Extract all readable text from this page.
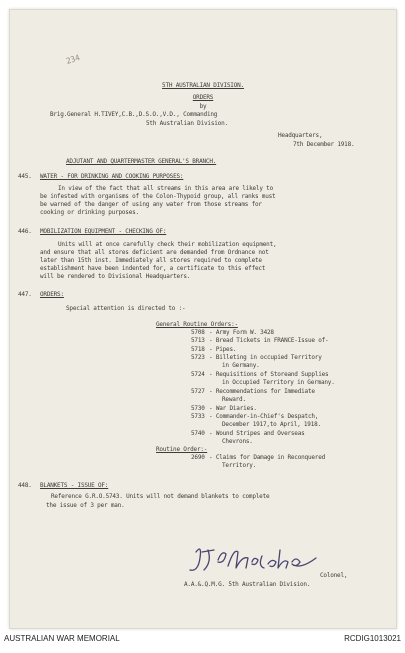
234
5TH AUSTRALIAN DIVISION.
ORDERS
by
Brig.General H.TIVEY,C.B.,D.S.O.,V.D., Commanding
5th Australian Division.
Headquarters,
7th December 1918.
ADJUTANT AND QUARTERMASTER GENERAL'S BRANCH.
445. WATER - FOR DRINKING AND COOKING PURPOSES:
In view of the fact that all streams in this area are likely to
be infested with organisms of the Colon-Thypoid group, all ranks must
be warned of the danger of using any water from those streams for
cooking or drinking purposes.
446. MOBILIZATION EQUIPMENT - CHECKING OF:
Units will at once carefully check their mobilization equipment,
and ensure that all stores deficient are demanded from Ordnance not
later than 15th inst. Immediately all stores required to complete
establishment have been indented for, a certificate to this effect
will be rendered to Divisional Headquarters.
447. ORDERS:
Special attention is directed to :-
General Routine Orders:-
5708 - Army Form W. 3428
5713 - Bread Tickets in FRANCE-Issue of-
5718 - Pipes.
5723 - Billeting in occupied Territory
in Germany.
5724 - Requisitions of Storeand Supplies
in Occupied Territory in Germany.
5727 - Recommendations for Immediate
Reward.
5730 - War Diaries.
5733 - Commander-in-Chief's Despatch,
December 1917,to April, 1918.
5740 - Wound Stripes and Overseas
Chevrons.
Routine Order:-
2690 - Claims for Damage in Reconquered
Territory.
448. BLANKETS - ISSUE OF:
Reference G.R.O.5743. Units will not demand blankets to complete
the issue of 3 per man.
Colonel,
A.A.&.Q.M.G. 5th Australian Division.
AUSTRALIAN WAR MEMORIAL	RCDIG1013021
